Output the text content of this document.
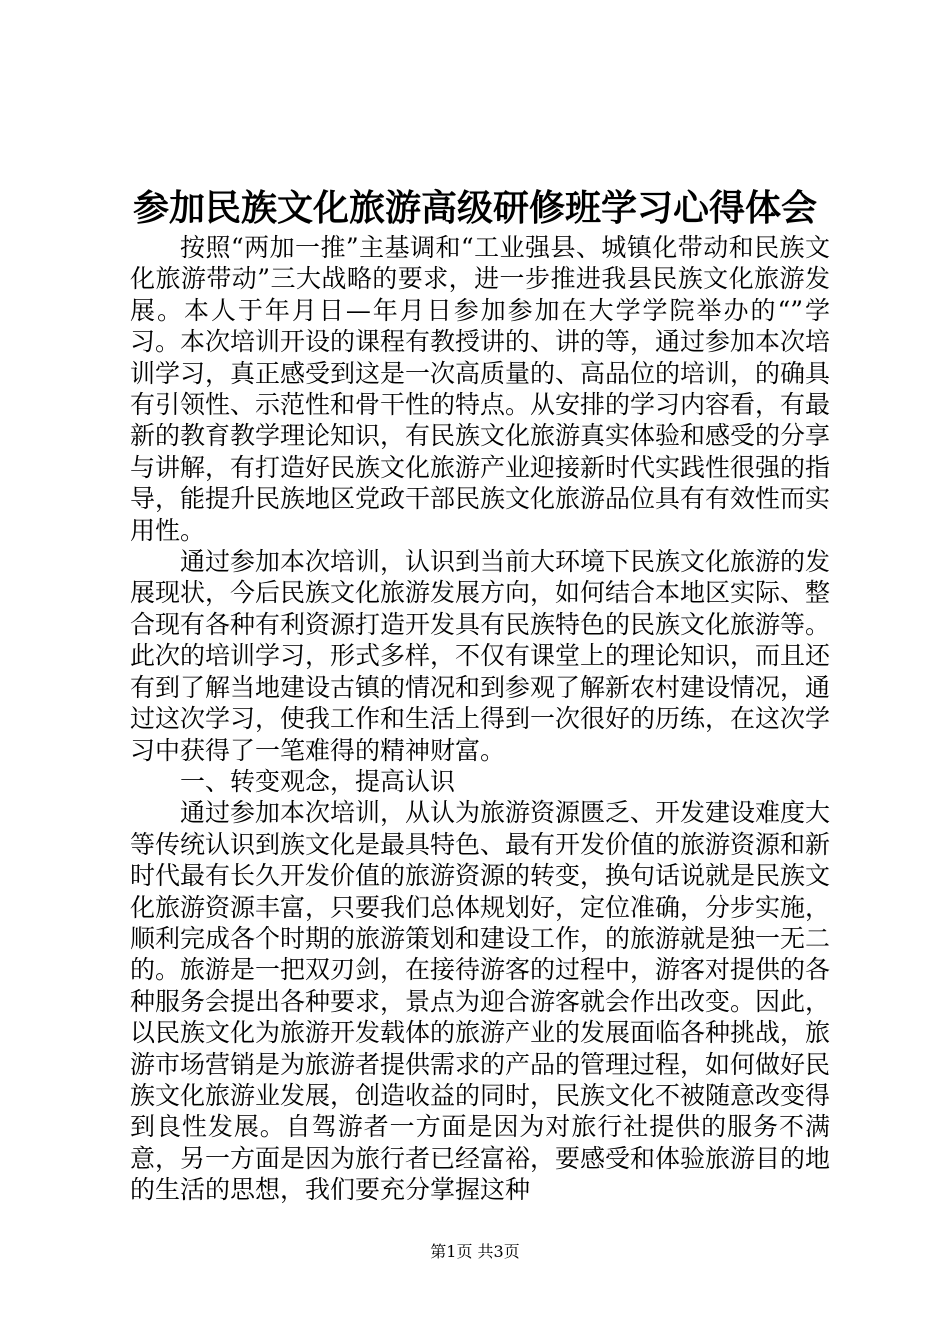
参加民族文化旅游高级研修班学习心得体会

按照“两加一推”主基调和“工业强县、城镇化带动和民族文化旅游带动”三大战略的要求，进一步推进我县民族文化旅游发展。本人于年月日—年月日参加参加在大学学院举办的“”学习。本次培训开设的课程有教授讲的、讲的等，通过参加本次培训学习，真正感受到这是一次高质量的、高品位的培训，的确具有引领性、示范性和骨干性的特点。从安排的学习内容看，有最新的教育教学理论知识，有民族文化旅游真实体验和感受的分享与讲解，有打造好民族文化旅游产业迎接新时代实践性很强的指导，能提升民族地区党政干部民族文化旅游品位具有有效性而实用性。

通过参加本次培训，认识到当前大环境下民族文化旅游的发展现状，今后民族文化旅游发展方向，如何结合本地区实际、整合现有各种有利资源打造开发具有民族特色的民族文化旅游等。此次的培训学习，形式多样，不仅有课堂上的理论知识，而且还有到了解当地建设古镇的情况和到参观了解新农村建设情况，通过这次学习，使我工作和生活上得到一次很好的历练，在这次学习中获得了一笔难得的精神财富。

一、转变观念，提高认识

通过参加本次培训，从认为旅游资源匮乏、开发建设难度大等传统认识到族文化是最具特色、最有开发价值的旅游资源和新时代最有长久开发价值的旅游资源的转变，换句话说就是民族文化旅游资源丰富，只要我们总体规划好，定位准确，分步实施，顺利完成各个时期的旅游策划和建设工作，的旅游就是独一无二的。旅游是一把双刃剑，在接待游客的过程中，游客对提供的各种服务会提出各种要求，景点为迎合游客就会作出改变。因此，以民族文化为旅游开发载体的旅游产业的发展面临各种挑战，旅游市场营销是为旅游者提供需求的产品的管理过程，如何做好民族文化旅游业发展，创造收益的同时，民族文化不被随意改变得到良性发展。自驾游者一方面是因为对旅行社提供的服务不满意，另一方面是因为旅行者已经富裕，要感受和体验旅游目的地的生活的思想，我们要充分掌握这种

第1页 共3页
